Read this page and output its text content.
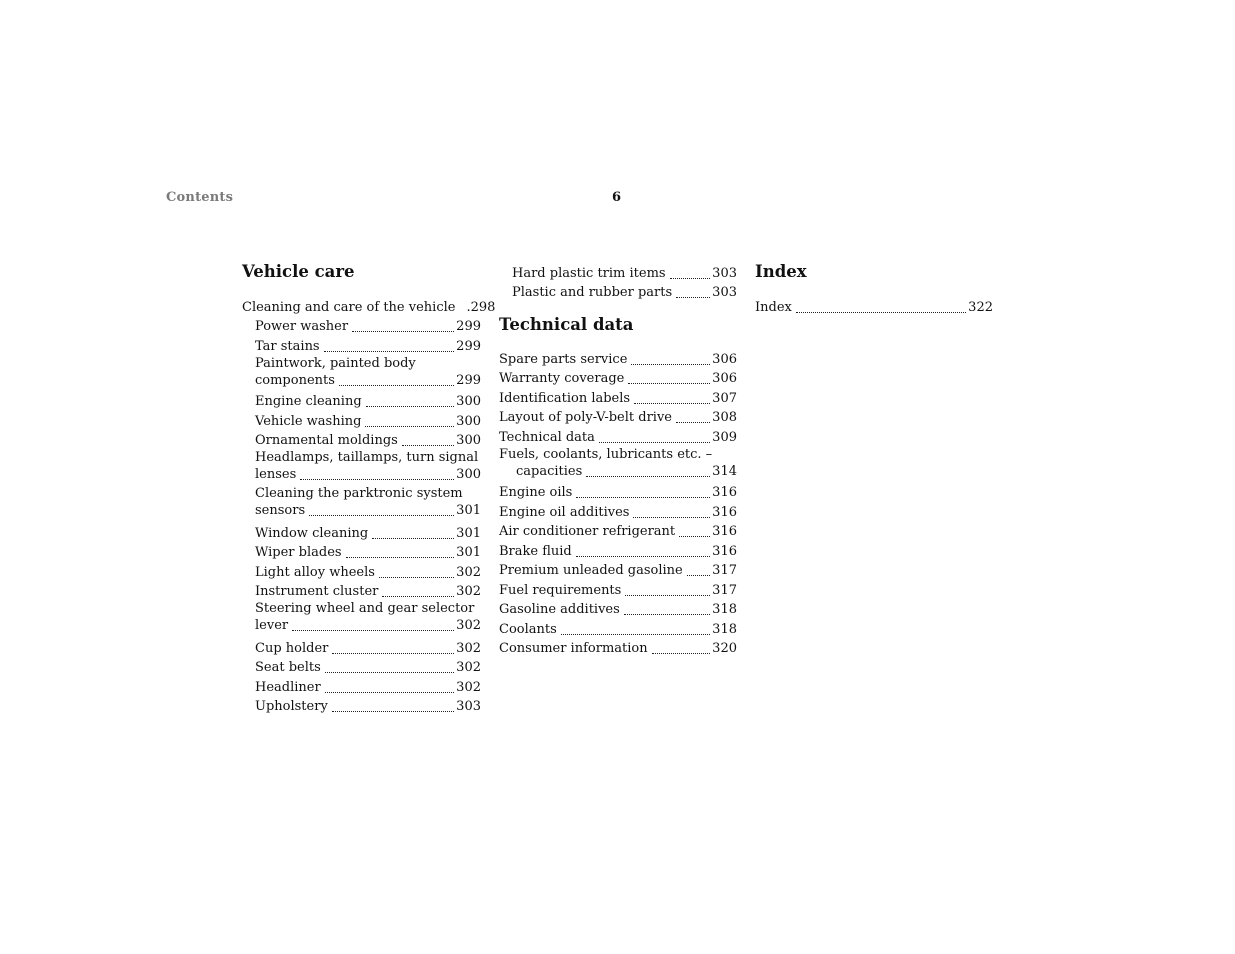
Contents	6
Vehicle care
Cleaning and care of the vehicle .298
Power washer	299
Tar stains	299
Paintwork, painted body
components	299
Engine cleaning	300
Vehicle washing	300
Ornamental moldings	300
Headlamps, taillamps, turn signal
lenses	300
Cleaning the parktronic system
sensors	301
Window cleaning	301
Wiper blades	301
Light alloy wheels	302
Instrument cluster	302
Steering wheel and gear selector
lever	302
Cup holder	302
Seat belts	302
Headliner	302
Upholstery	303
Hard plastic trim items	303
Plastic and rubber parts	303
Technical data
Spare parts service	306
Warranty coverage	306
Identification labels	307
Layout of poly-V-belt drive	308
Technical data	309
Fuels, coolants, lubricants etc. –
capacities	314
Engine oils	316
Engine oil additives	316
Air conditioner refrigerant	316
Brake fluid	316
Premium unleaded gasoline 317
Fuel requirements	317
Gasoline additives	318
Coolants	318
Consumer information	320
Index
Index	322
